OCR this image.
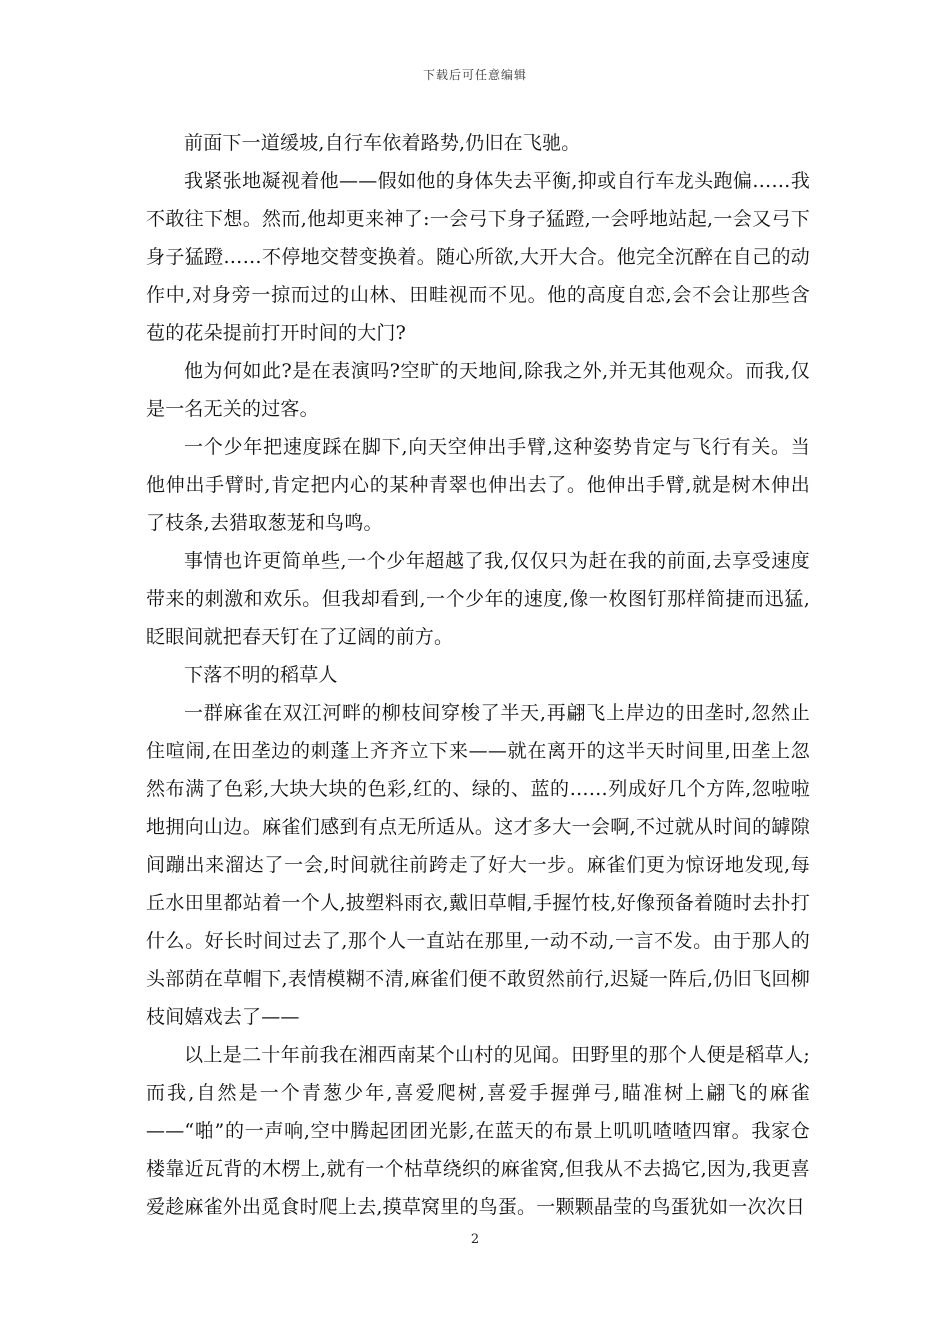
下载后可任意编辑

前面下一道缓坡,自行车依着路势,仍旧在飞驰。

我紧张地凝视着他——假如他的身体失去平衡,抑或自行车龙头跑偏……我不敢往下想。然而,他却更来神了:一会弓下身子猛蹬,一会呼地站起,一会又弓下身子猛蹬……不停地交替变换着。随心所欲,大开大合。他完全沉醉在自己的动作中,对身旁一掠而过的山林、田畦视而不见。他的高度自恋,会不会让那些含苞的花朵提前打开时间的大门?

他为何如此?是在表演吗?空旷的天地间,除我之外,并无其他观众。而我,仅是一名无关的过客。

一个少年把速度踩在脚下,向天空伸出手臂,这种姿势肯定与飞行有关。当他伸出手臂时,肯定把内心的某种青翠也伸出去了。他伸出手臂,就是树木伸出了枝条,去猎取葱茏和鸟鸣。

事情也许更简单些,一个少年超越了我,仅仅只为赶在我的前面,去享受速度带来的刺激和欢乐。但我却看到,一个少年的速度,像一枚图钉那样简捷而迅猛,眨眼间就把春天钉在了辽阔的前方。

下落不明的稻草人

一群麻雀在双江河畔的柳枝间穿梭了半天,再翩飞上岸边的田垄时,忽然止住喧闹,在田垄边的刺蓬上齐齐立下来——就在离开的这半天时间里,田垄上忽然布满了色彩,大块大块的色彩,红的、绿的、蓝的……列成好几个方阵,忽啦啦地拥向山边。麻雀们感到有点无所适从。这才多大一会啊,不过就从时间的罅隙间蹦出来溜达了一会,时间就往前跨走了好大一步。麻雀们更为惊讶地发现,每丘水田里都站着一个人,披塑料雨衣,戴旧草帽,手握竹枝,好像预备着随时去扑打什么。好长时间过去了,那个人一直站在那里,一动不动,一言不发。由于那人的头部荫在草帽下,表情模糊不清,麻雀们便不敢贸然前行,迟疑一阵后,仍旧飞回柳枝间嬉戏去了——

以上是二十年前我在湘西南某个山村的见闻。田野里的那个人便是稻草人;而我,自然是一个青葱少年,喜爱爬树,喜爱手握弹弓,瞄准树上翩飞的麻雀——“啪”的一声响,空中腾起团团光影,在蓝天的布景上叽叽喳喳四窜。我家仓楼靠近瓦背的木楞上,就有一个枯草绕织的麻雀窝,但我从不去捣它,因为,我更喜爱趁麻雀外出觅食时爬上去,摸草窝里的鸟蛋。一颗颗晶莹的鸟蛋犹如一次次日

2
